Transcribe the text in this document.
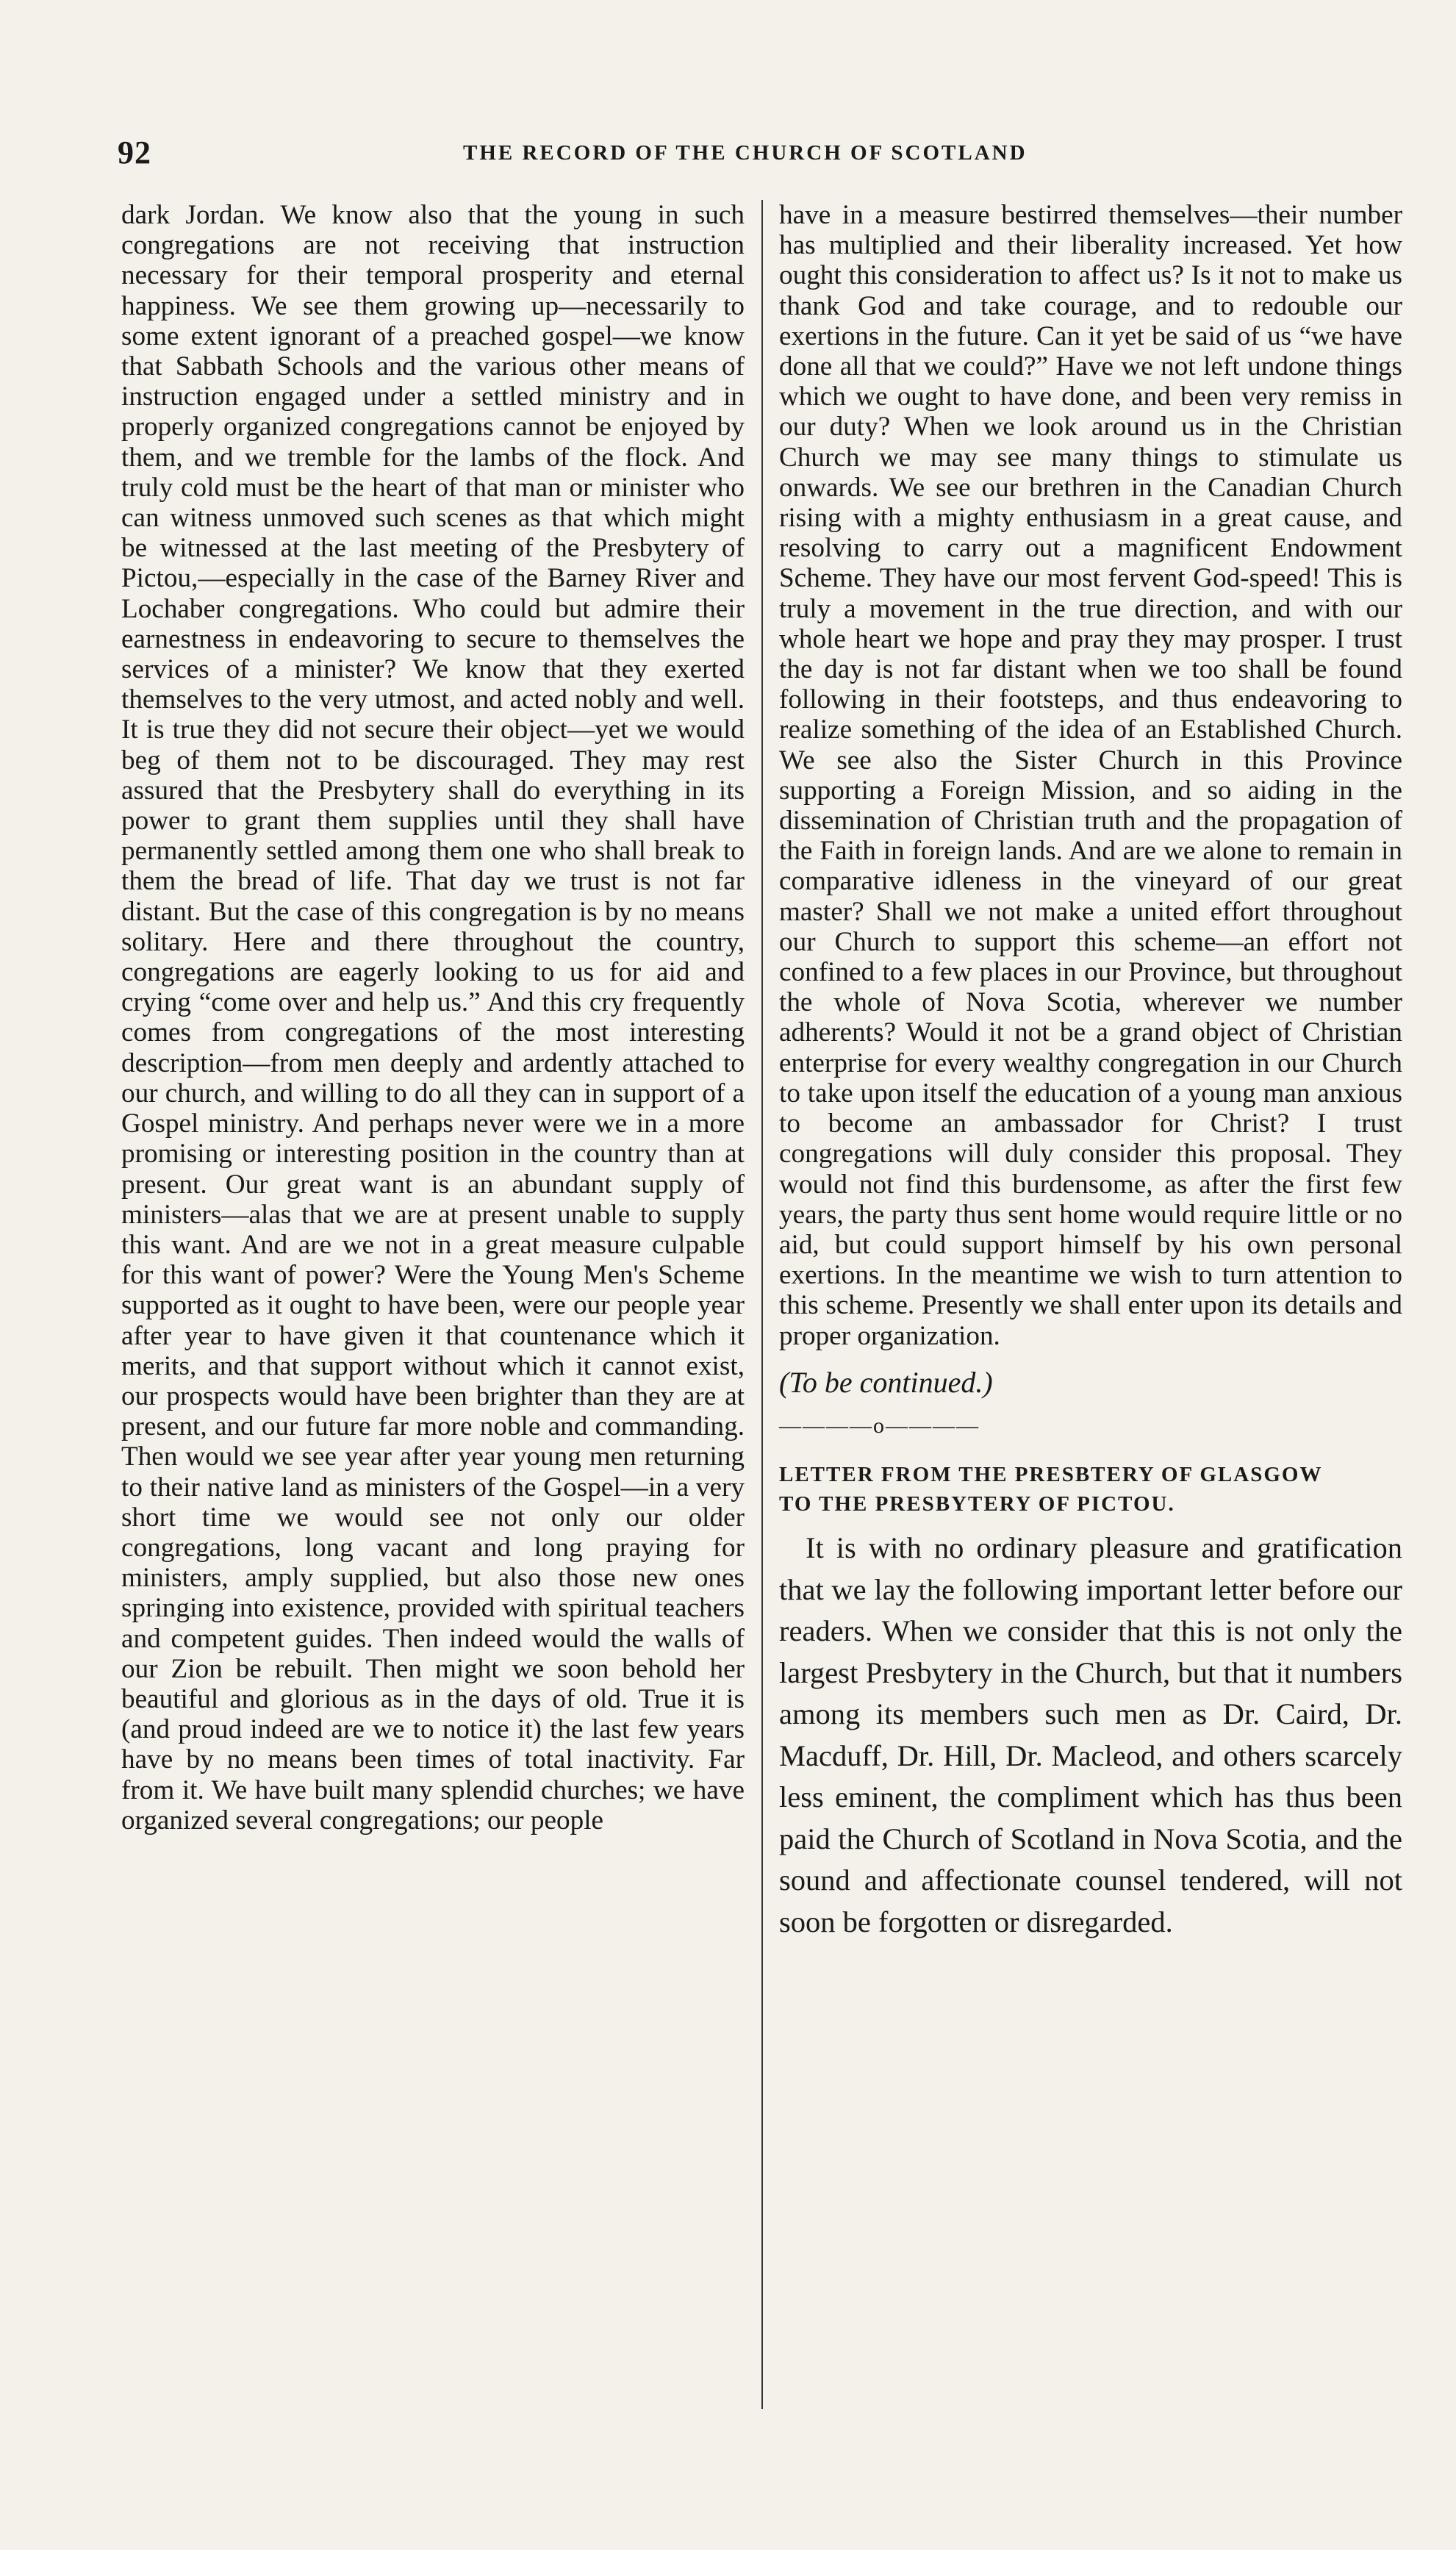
92	THE RECORD OF THE CHURCH OF SCOTLAND

dark Jordan. We know also that the young in such congregations are not receiving that instruction necessary for their temporal prosperity and eternal happiness. We see them growing up—necessarily to some extent ignorant of a preached gospel—we know that Sabbath Schools and the various other means of instruction engaged under a settled ministry and in properly organized congregations cannot be enjoyed by them, and we tremble for the lambs of the flock. And truly cold must be the heart of that man or minister who can witness unmoved such scenes as that which might be witnessed at the last meeting of the Presbytery of Pictou,—especially in the case of the Barney River and Lochaber congregations. Who could but admire their earnestness in endeavoring to secure to themselves the services of a minister? We know that they exerted themselves to the very utmost, and acted nobly and well. It is true they did not secure their object—yet we would beg of them not to be discouraged. They may rest assured that the Presbytery shall do everything in its power to grant them supplies until they shall have permanently settled among them one who shall break to them the bread of life. That day we trust is not far distant. But the case of this congregation is by no means solitary. Here and there throughout the country, congregations are eagerly looking to us for aid and crying “come over and help us.” And this cry frequently comes from congregations of the most interesting description—from men deeply and ardently attached to our church, and willing to do all they can in support of a Gospel ministry. And perhaps never were we in a more promising or interesting position in the country than at present. Our great want is an abundant supply of ministers—alas that we are at present unable to supply this want. And are we not in a great measure culpable for this want of power? Were the Young Men's Scheme supported as it ought to have been, were our people year after year to have given it that countenance which it merits, and that support without which it cannot exist, our prospects would have been brighter than they are at present, and our future far more noble and commanding. Then would we see year after year young men returning to their native land as ministers of the Gospel—in a very short time we would see not only our older congregations, long vacant and long praying for ministers, amply supplied, but also those new ones springing into existence, provided with spiritual teachers and competent guides. Then indeed would the walls of our Zion be rebuilt. Then might we soon behold her beautiful and glorious as in the days of old. True it is (and proud indeed are we to notice it) the last few years have by no means been times of total inactivity. Far from it. We have built many splendid churches; we have organized several congregations; our people

have in a measure bestirred themselves—their number has multiplied and their liberality increased. Yet how ought this consideration to affect us? Is it not to make us thank God and take courage, and to redouble our exertions in the future. Can it yet be said of us “we have done all that we could?” Have we not left undone things which we ought to have done, and been very remiss in our duty? When we look around us in the Christian Church we may see many things to stimulate us onwards. We see our brethren in the Canadian Church rising with a mighty enthusiasm in a great cause, and resolving to carry out a magnificent Endowment Scheme. They have our most fervent God-speed! This is truly a movement in the true direction, and with our whole heart we hope and pray they may prosper. I trust the day is not far distant when we too shall be found following in their footsteps, and thus endeavoring to realize something of the idea of an Established Church. We see also the Sister Church in this Province supporting a Foreign Mission, and so aiding in the dissemination of Christian truth and the propagation of the Faith in foreign lands. And are we alone to remain in comparative idleness in the vineyard of our great master? Shall we not make a united effort throughout our Church to support this scheme—an effort not confined to a few places in our Province, but throughout the whole of Nova Scotia, wherever we number adherents? Would it not be a grand object of Christian enterprise for every wealthy congregation in our Church to take upon itself the education of a young man anxious to become an ambassador for Christ? I trust congregations will duly consider this proposal. They would not find this burdensome, as after the first few years, the party thus sent home would require little or no aid, but could support himself by his own personal exertions. In the meantime we wish to turn attention to this scheme. Presently we shall enter upon its details and proper organization.

(To be continued.)

————o————

LETTER FROM THE PRESBTERY OF GLASGOW
TO THE PRESBYTERY OF PICTOU.

It is with no ordinary pleasure and gratification that we lay the following important letter before our readers. When we consider that this is not only the largest Presbytery in the Church, but that it numbers among its members such men as Dr. Caird, Dr. Macduff, Dr. Hill, Dr. Macleod, and others scarcely less eminent, the compliment which has thus been paid the Church of Scotland in Nova Scotia, and the sound and affectionate counsel tendered, will not soon be forgotten or disregarded.
